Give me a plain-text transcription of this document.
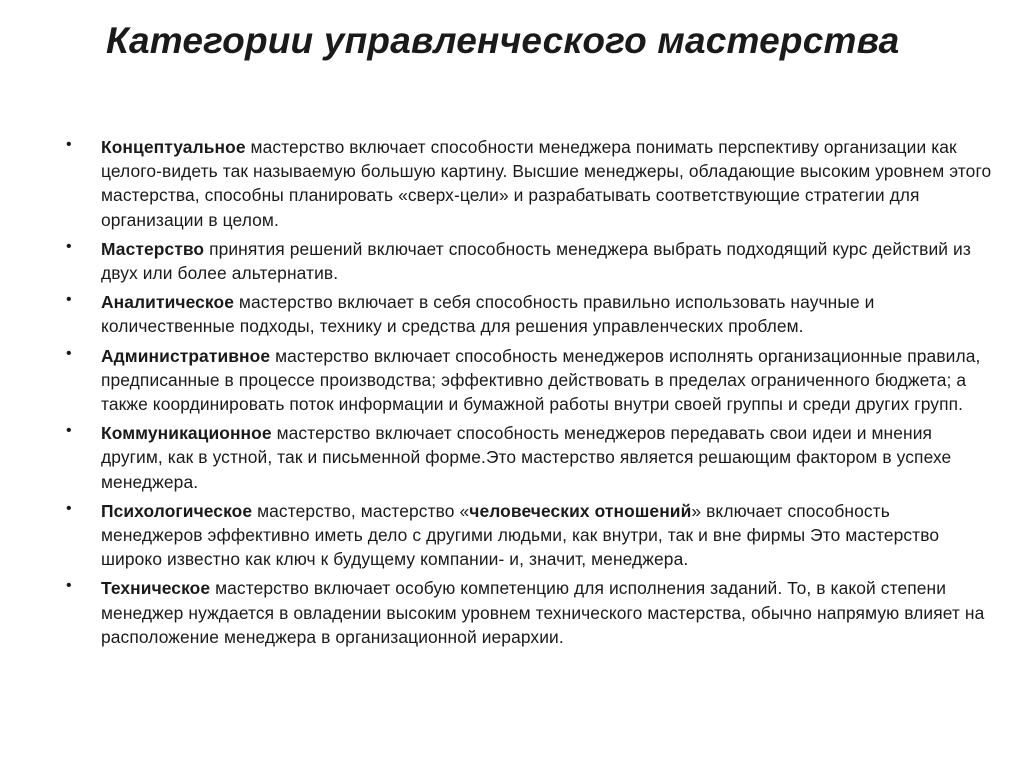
Категории управленческого мастерства
• Концептуальное мастерство включает способности менеджера понимать перспективу организации как целого-видеть так называемую большую картину. Высшие менеджеры, обладающие высоким уровнем этого мастерства, способны планировать «сверх-цели» и разрабатывать соответствующие стратегии для организации в целом.
• Мастерство принятия решений включает способность менеджера выбрать подходящий курс действий из двух или более альтернатив.
• Аналитическое мастерство включает в себя способность правильно использовать научные и количественные подходы, технику и средства для решения управленческих проблем.
• Административное мастерство включает способность менеджеров исполнять организационные правила, предписанные в процессе производства; эффективно действовать в пределах ограниченного бюджета; а также координировать поток информации и бумажной работы внутри своей группы и среди других групп.
• Коммуникационное мастерство включает способность менеджеров передавать свои идеи и мнения другим, как в устной, так и письменной форме.Это мастерство является решающим фактором в успехе менеджера.
• Психологическое мастерство, мастерство «человеческих отношений» включает способность менеджеров эффективно иметь дело с другими людьми, как внутри, так и вне фирмы Это мастерство широко известно как ключ к будущему компании- и, значит, менеджера.
• Техническое мастерство включает особую компетенцию для исполнения заданий. То, в какой степени менеджер нуждается в овладении высоким уровнем технического мастерства, обычно напрямую влияет на расположение менеджера в организационной иерархии.
